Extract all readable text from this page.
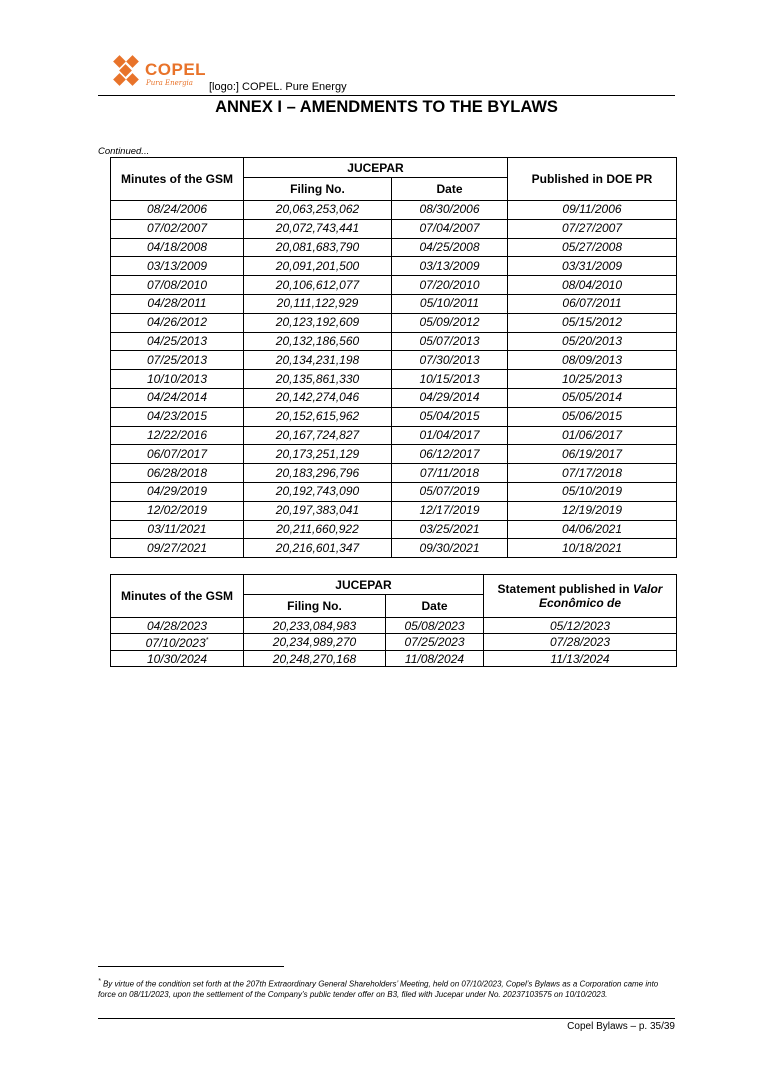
COPEL
Pura Energia [logo:] COPEL. Pure Energy
ANNEX I – AMENDMENTS TO THE BYLAWS
Continued...
Minutes of the GSM	JUCEPAR		Published in DOE PR
	Filing No.	Date	
08/24/2006	20,063,253,062	08/30/2006	09/11/2006
07/02/2007	20,072,743,441	07/04/2007	07/27/2007
04/18/2008	20,081,683,790	04/25/2008	05/27/2008
03/13/2009	20,091,201,500	03/13/2009	03/31/2009
07/08/2010	20,106,612,077	07/20/2010	08/04/2010
04/28/2011	20,111,122,929	05/10/2011	06/07/2011
04/26/2012	20,123,192,609	05/09/2012	05/15/2012
04/25/2013	20,132,186,560	05/07/2013	05/20/2013
07/25/2013	20,134,231,198	07/30/2013	08/09/2013
10/10/2013	20,135,861,330	10/15/2013	10/25/2013
04/24/2014	20,142,274,046	04/29/2014	05/05/2014
04/23/2015	20,152,615,962	05/04/2015	05/06/2015
12/22/2016	20,167,724,827	01/04/2017	01/06/2017
06/07/2017	20,173,251,129	06/12/2017	06/19/2017
06/28/2018	20,183,296,796	07/11/2018	07/17/2018
04/29/2019	20,192,743,090	05/07/2019	05/10/2019
12/02/2019	20,197,383,041	12/17/2019	12/19/2019
03/11/2021	20,211,660,922	03/25/2021	04/06/2021
09/27/2021	20,216,601,347	09/30/2021	10/18/2021
Minutes of the GSM	JUCEPAR		Statement published in Valor Econômico de
	Filing No.	Date	
04/28/2023	20,233,084,983	05/08/2023	05/12/2023
07/10/2023*	20,234,989,270	07/25/2023	07/28/2023
10/30/2024	20,248,270,168	11/08/2024	11/13/2024
* By virtue of the condition set forth at the 207th Extraordinary General Shareholders’ Meeting, held on 07/10/2023, Copel’s Bylaws as a Corporation came into force on 08/11/2023, upon the settlement of the Company’s public tender offer on B3, filed with Jucepar under No. 20237103575 on 10/10/2023.
Copel Bylaws – p. 35/39
